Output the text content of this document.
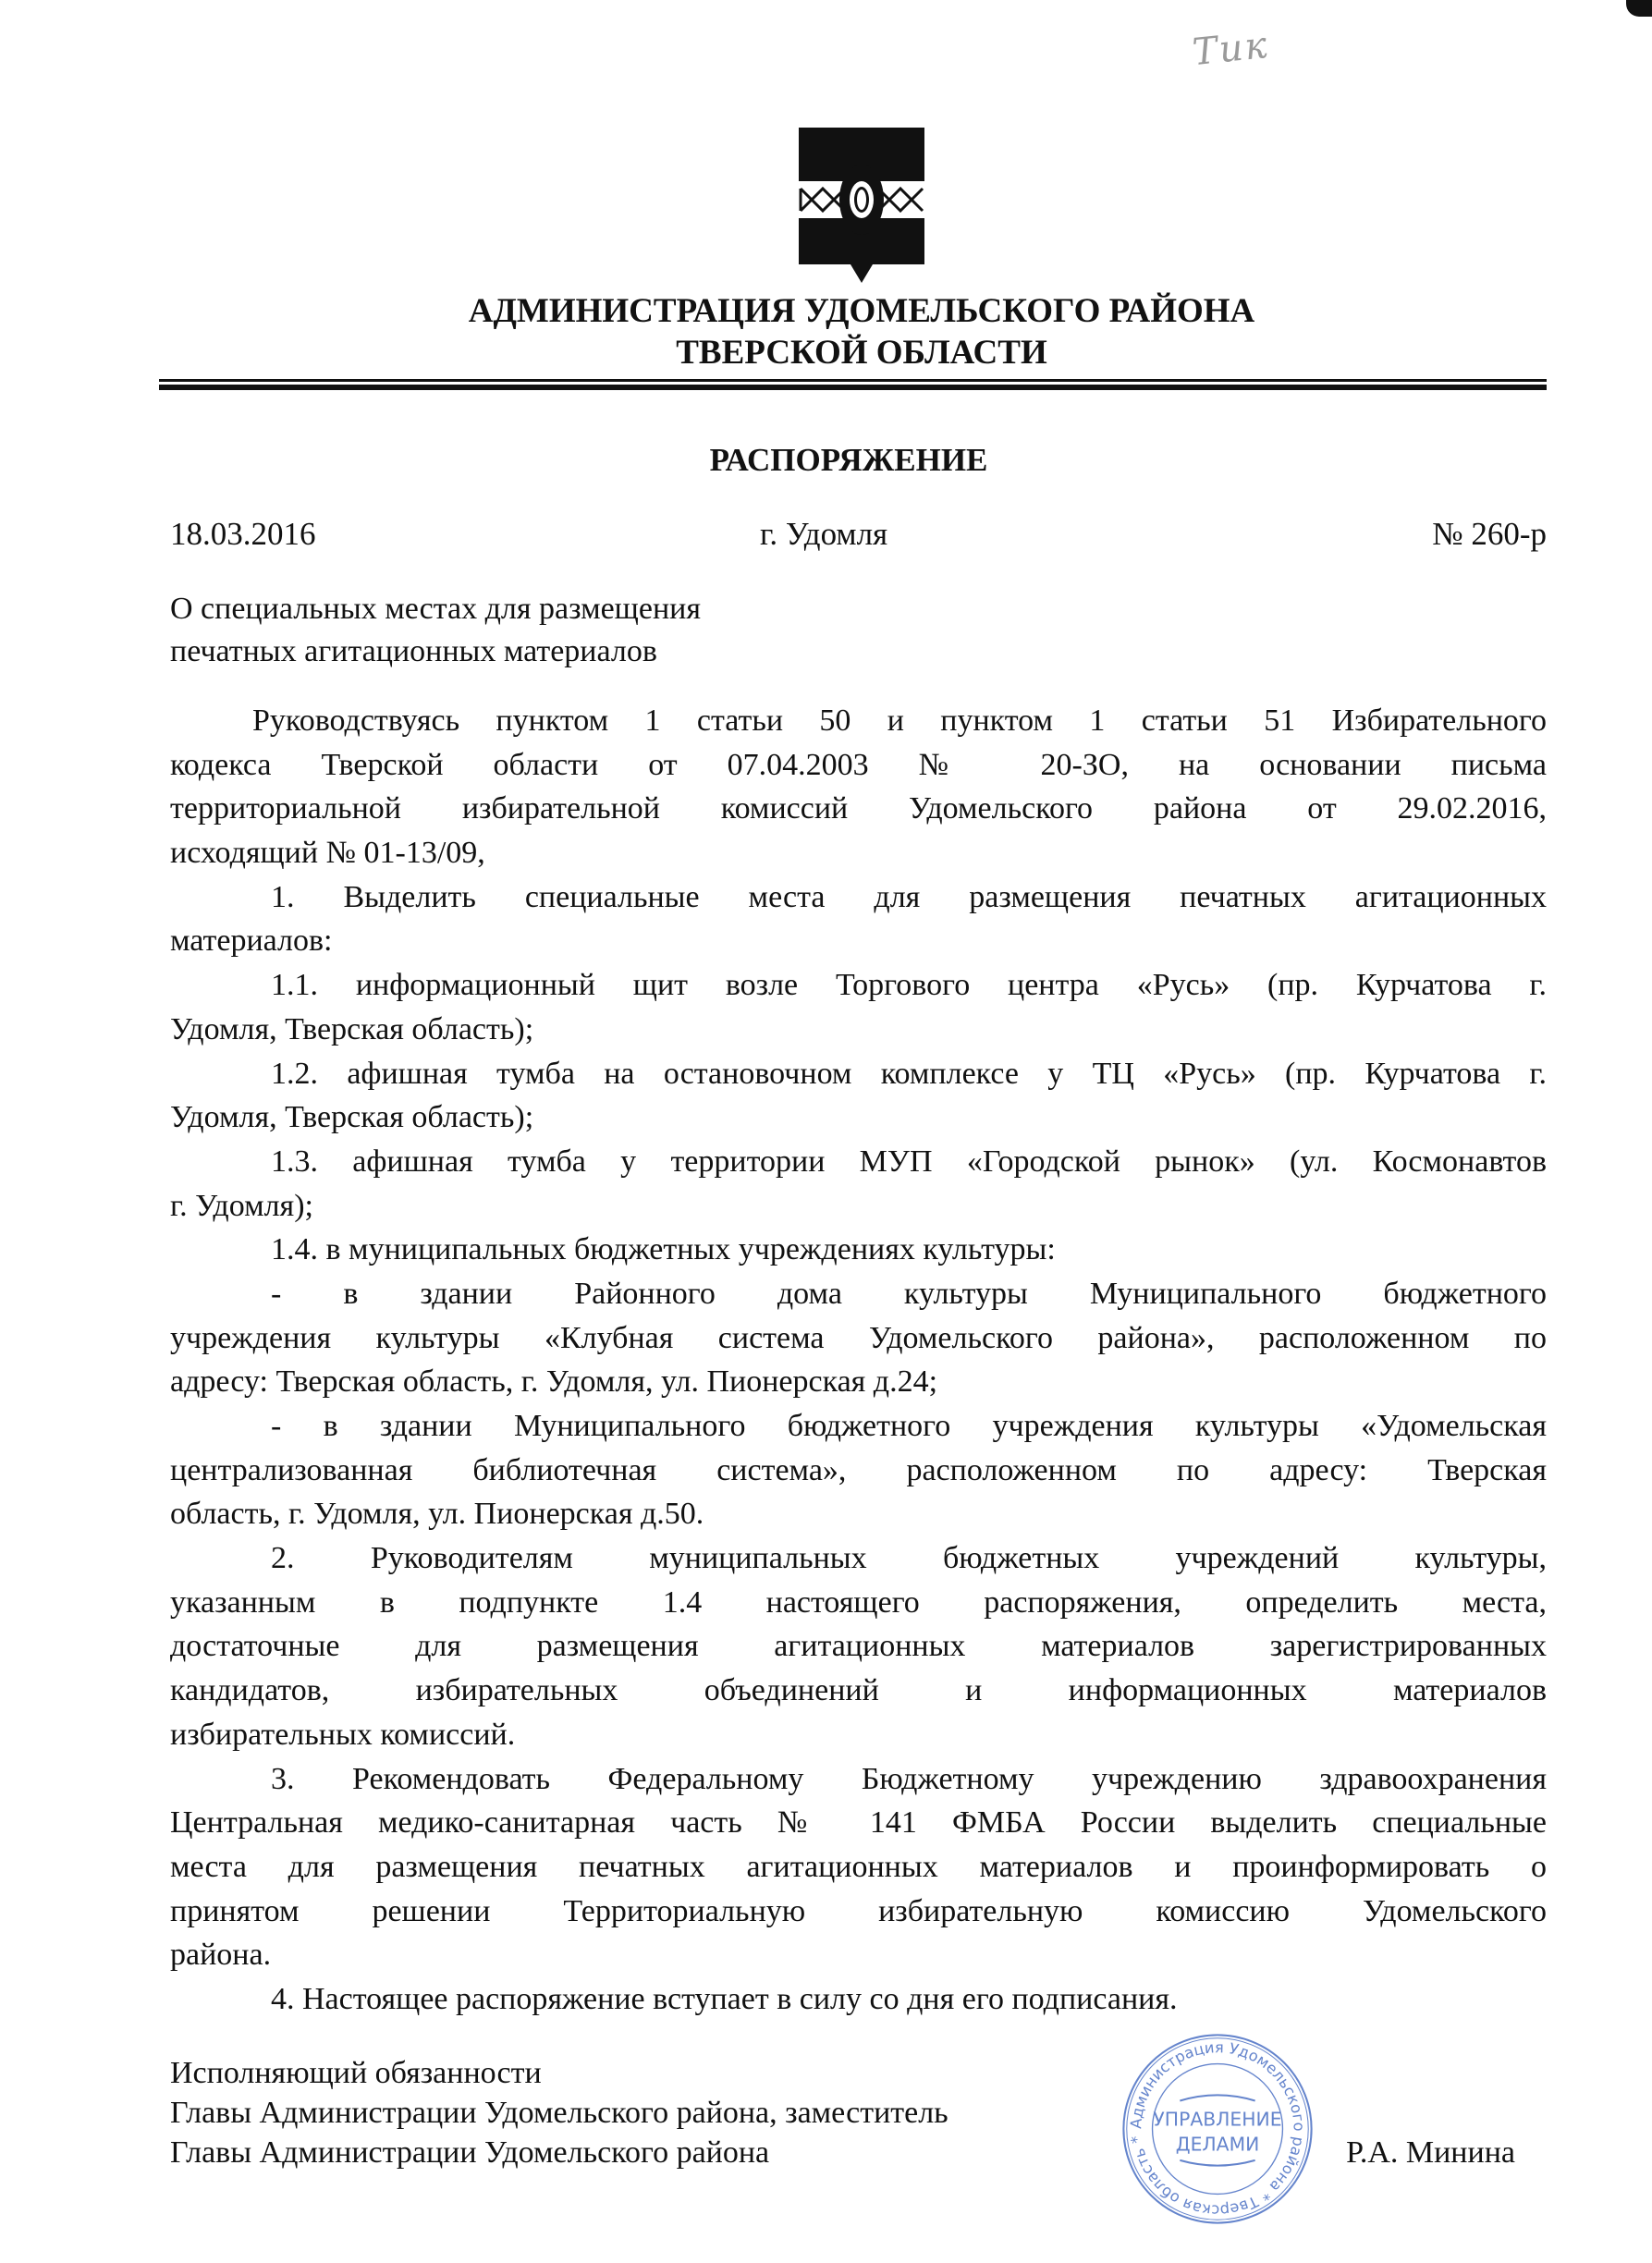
Тик
АДМИНИСТРАЦИЯ УДОМЕЛЬСКОГО РАЙОНА
ТВЕРСКОЙ ОБЛАСТИ
РАСПОРЯЖЕНИЕ
18.03.2016	г. Удомля	№ 260-р
О специальных местах для размещения
печатных агитационных материалов
Руководствуясь пунктом 1 статьи 50 и пунктом 1 статьи 51 Избирательного
кодекса Тверской области от 07.04.2003 № 20-ЗО, на основании письма
территориальной избирательной комиссий Удомельского района от 29.02.2016,
исходящий № 01-13/09,
1. Выделить специальные места для размещения печатных агитационных
материалов:
1.1. информационный щит возле Торгового центра «Русь» (пр. Курчатова г.
Удомля, Тверская область);
1.2. афишная тумба на остановочном комплексе у ТЦ «Русь» (пр. Курчатова г.
Удомля, Тверская область);
1.3. афишная тумба у территории МУП «Городской рынок» (ул. Космонавтов
г. Удомля);
1.4. в муниципальных бюджетных учреждениях культуры:
- в здании Районного дома культуры Муниципального бюджетного
учреждения культуры «Клубная система Удомельского района», расположенном по
адресу: Тверская область, г. Удомля, ул. Пионерская д.24;
- в здании Муниципального бюджетного учреждения культуры «Удомельская
централизованная библиотечная система», расположенном по адресу: Тверская
область, г. Удомля, ул. Пионерская д.50.
2. Руководителям муниципальных бюджетных учреждений культуры,
указанным в подпункте 1.4 настоящего распоряжения, определить места,
достаточные для размещения агитационных материалов зарегистрированных
кандидатов, избирательных объединений и информационных материалов
избирательных комиссий.
3. Рекомендовать Федеральному Бюджетному учреждению здравоохранения
Центральная медико-санитарная часть № 141 ФМБА России выделить специальные
места для размещения печатных агитационных материалов и проинформировать о
принятом решении Территориальную избирательную комиссию Удомельского
района.
4. Настоящее распоряжение вступает в силу со дня его подписания.
Исполняющий обязанности
Главы Администрации Удомельского района, заместитель
Главы Администрации Удомельского района	Р.А. Минина
Администрация Удомельского района * Тверская область *
УПРАВЛЕНИЕ
ДЕЛАМИ
